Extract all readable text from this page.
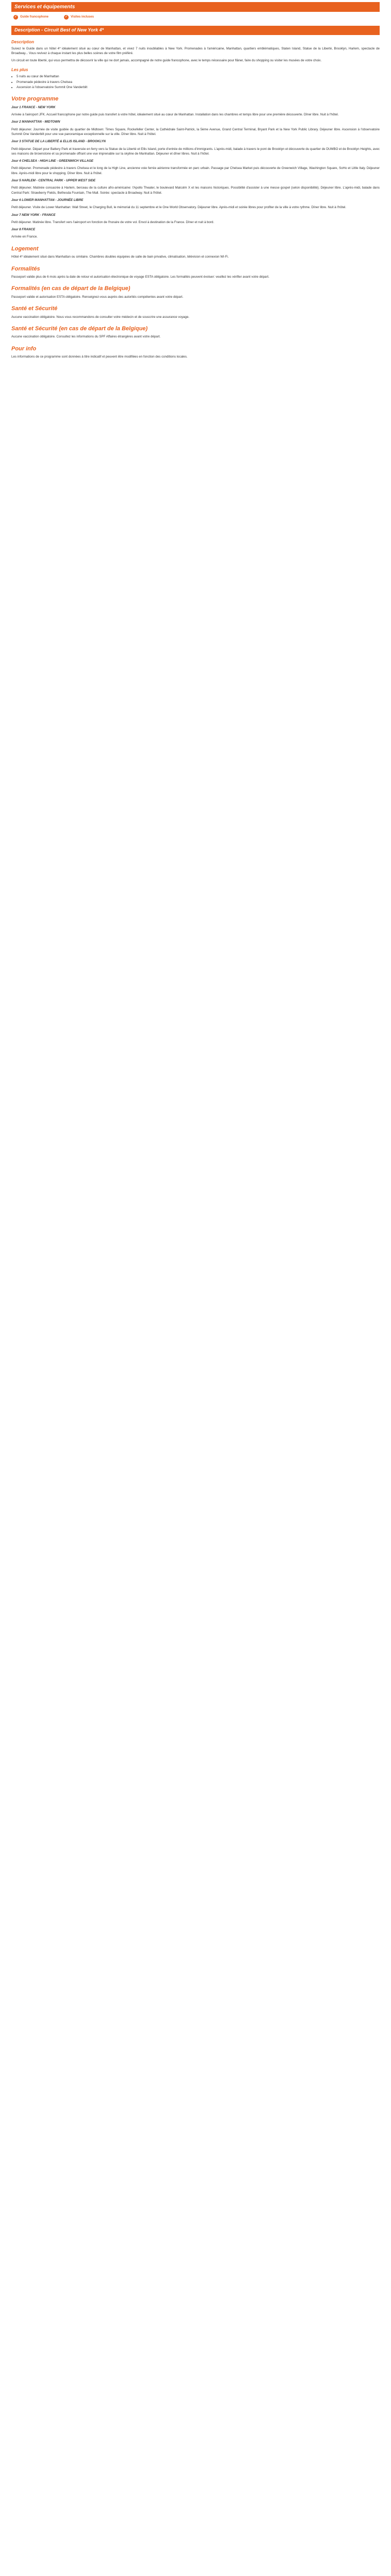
Services et équipements
✓ Guide francophone	✓ Visites incluses
Description - Circuit Best of New York 4*
Description

Suivez le Guide dans un hôtel 4* idéalement situé au cœur de Manhattan, et vivez 7 nuits inoubliables à New York. Promenades à l'américaine, Manhattan, quartiers emblématiques, Staten Island, Statue de la Liberté, Brooklyn, Harlem, spectacle de Broadway... Vous revivez à chaque instant les plus belles scènes de votre film préféré.

Un circuit en toute liberté, qui vous permettra de découvrir la ville qui ne dort jamais, accompagné de notre guide francophone, avec le temps nécessaire pour flâner, faire du shopping ou visiter les musées de votre choix.

Les plus
• 5 nuits au cœur de Manhattan
• Promenade pédestre à travers Chelsea
• Ascension à l'observatoire Summit One Vanderbilt
Votre programme

Jour 1 FRANCE - NEW YORK

Arrivée à l'aéroport JFK. Accueil francophone par notre guide puis transfert à votre hôtel, idéalement situé au cœur de Manhattan. Installation dans les chambres et temps libre pour une première découverte. Dîner libre. Nuit à l'hôtel.

Jour 2 MANHATTAN - MIDTOWN

Petit déjeuner. Journée de visite guidée du quartier de Midtown: Times Square, Rockefeller Center, la Cathédrale Saint-Patrick, la 5ème Avenue, Grand Central Terminal, Bryant Park et la New York Public Library. Déjeuner libre. Ascension à l'observatoire Summit One Vanderbilt pour une vue panoramique exceptionnelle sur la ville. Dîner libre. Nuit à l'hôtel.

Jour 3 STATUE DE LA LIBERTÉ & ELLIS ISLAND - BROOKLYN

Petit déjeuner. Départ pour Battery Park et traversée en ferry vers la Statue de la Liberté et Ellis Island, porte d'entrée de millions d'immigrants. L'après-midi, balade à travers le pont de Brooklyn et découverte du quartier de DUMBO et de Brooklyn Heights, avec ses maisons de brownstone et sa promenade offrant une vue imprenable sur la skyline de Manhattan. Déjeuner et dîner libres. Nuit à l'hôtel.

Jour 4 CHELSEA - HIGH LINE - GREENWICH VILLAGE

Petit déjeuner. Promenade pédestre à travers Chelsea et le long de la High Line, ancienne voie ferrée aérienne transformée en parc urbain. Passage par Chelsea Market puis découverte de Greenwich Village, Washington Square, SoHo et Little Italy. Déjeuner libre. Après-midi libre pour le shopping. Dîner libre. Nuit à l'hôtel.

Jour 5 HARLEM - CENTRAL PARK - UPPER WEST SIDE

Petit déjeuner. Matinée consacrée à Harlem, berceau de la culture afro-américaine: l'Apollo Theater, le boulevard Malcolm X et les maisons historiques. Possibilité d'assister à une messe gospel (selon disponibilité). Déjeuner libre. L'après-midi, balade dans Central Park: Strawberry Fields, Bethesda Fountain, The Mall. Soirée: spectacle à Broadway. Nuit à l'hôtel.

Jour 6 LOWER MANHATTAN - JOURNÉE LIBRE

Petit déjeuner. Visite de Lower Manhattan: Wall Street, le Charging Bull, le mémorial du 11 septembre et le One World Observatory. Déjeuner libre. Après-midi et soirée libres pour profiter de la ville à votre rythme. Dîner libre. Nuit à l'hôtel.

Jour 7 NEW YORK - FRANCE

Petit déjeuner. Matinée libre. Transfert vers l'aéroport en fonction de l'horaire de votre vol. Envol à destination de la France. Dîner et nuit à bord.

Jour 8 FRANCE

Arrivée en France.

Logement

Hôtel 4* idéalement situé dans Manhattan ou similaire. Chambres doubles équipées de salle de bain privative, climatisation, télévision et connexion Wi-Fi.

Formalités

Passeport valide plus de 6 mois après la date de retour et autorisation électronique de voyage ESTA obligatoire. Les formalités peuvent évoluer: veuillez les vérifier avant votre départ.

Formalités (en cas de départ de la Belgique)

Passeport valide et autorisation ESTA obligatoire. Renseignez-vous auprès des autorités compétentes avant votre départ.

Santé et Sécurité

Aucune vaccination obligatoire. Nous vous recommandons de consulter votre médecin et de souscrire une assurance voyage.

Santé et Sécurité (en cas de départ de la Belgique)

Aucune vaccination obligatoire. Consultez les informations du SPF Affaires étrangères avant votre départ.

Pour info

Les informations de ce programme sont données à titre indicatif et peuvent être modifiées en fonction des conditions locales.
